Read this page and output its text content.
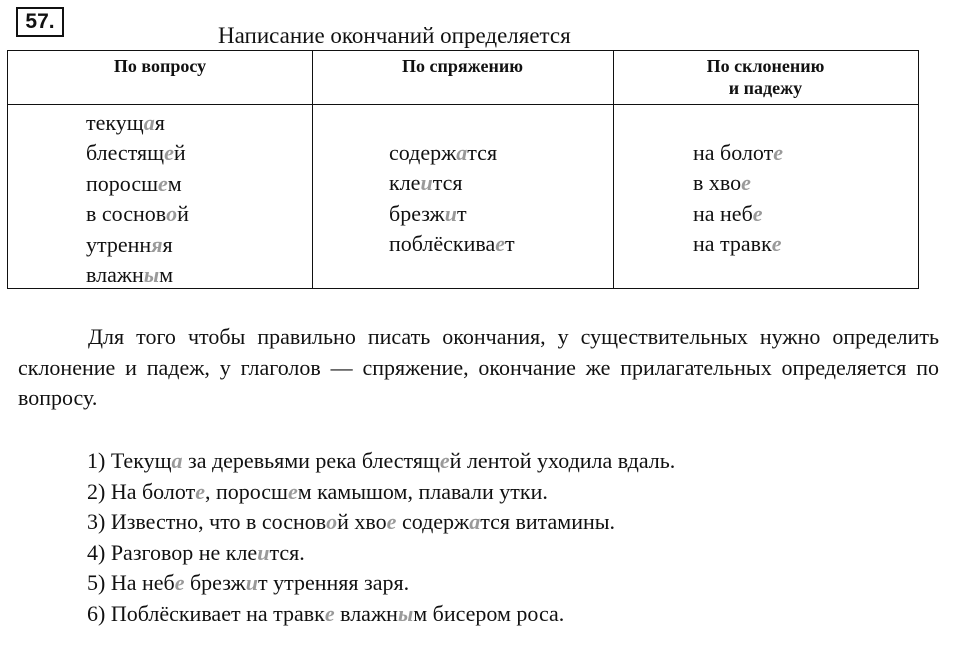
57.
Написание окончаний определяется
По вопросу	По спряжению	По склонению
и падежу
текущая
блестящей
поросшем
в сосновой
утренняя
влажным
содержатся
клеится
брезжит
поблёскивает
на болоте
в хвое
на небе
на травке
Для того чтобы правильно писать окончания, у существительных нужно определить склонение и падеж, у глаголов — спряжение, окончание же прилагательных определяется по вопросу.
1) Текуща за деревьями река блестящей лентой уходила вдаль.
2) На болоте, поросшем камышом, плавали утки.
3) Известно, что в сосновой хвое содержатся витамины.
4) Разговор не клеится.
5) На небе брезжит утренняя заря.
6) Поблёскивает на травке влажным бисером роса.
